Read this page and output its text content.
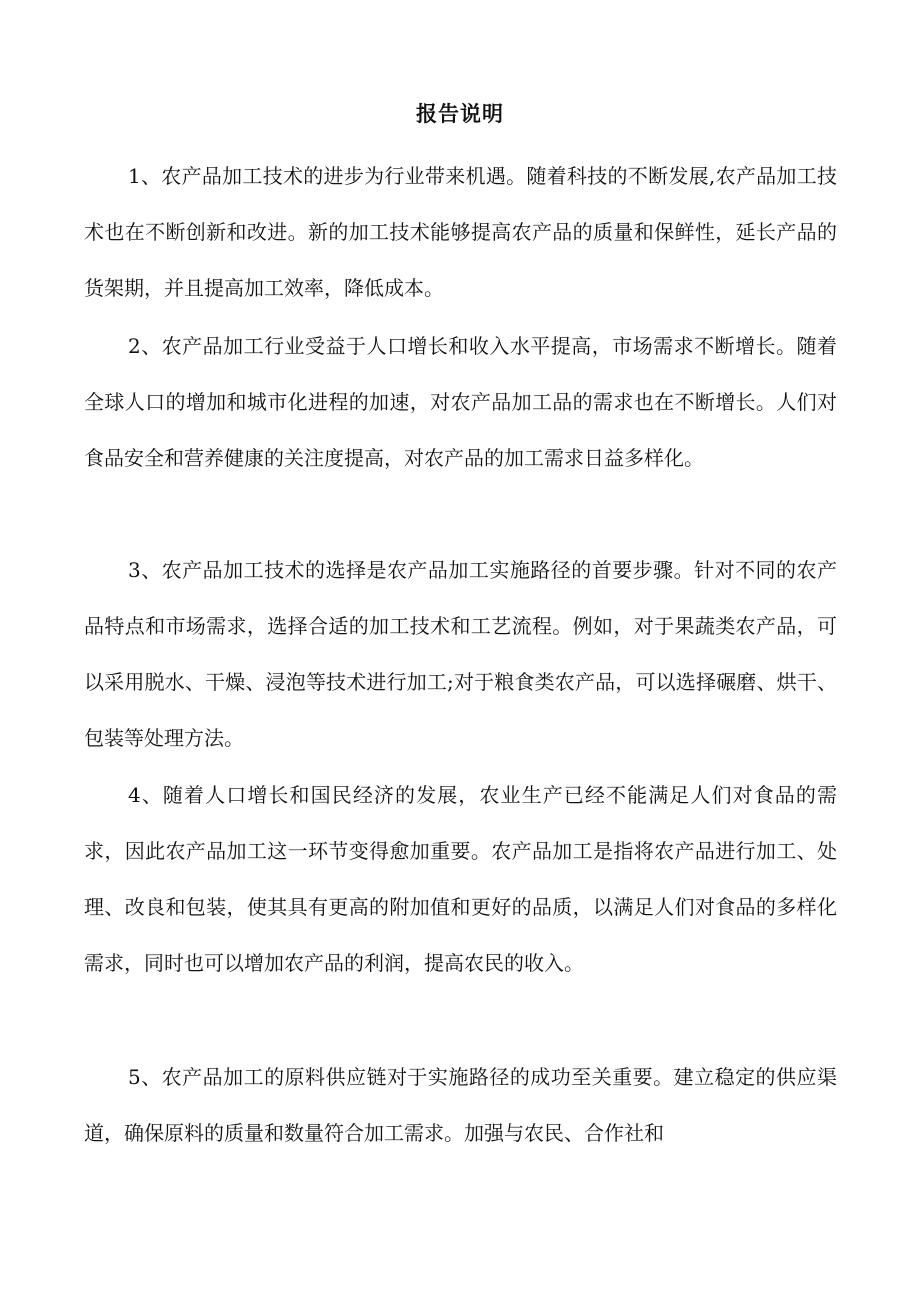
报告说明

1、农产品加工技术的进步为行业带来机遇。随着科技的不断发展,农产品加工技术也在不断创新和改进。新的加工技术能够提高农产品的质量和保鲜性，延长产品的货架期，并且提高加工效率，降低成本。

2、农产品加工行业受益于人口增长和收入水平提高，市场需求不断增长。随着全球人口的增加和城市化进程的加速，对农产品加工品的需求也在不断增长。人们对食品安全和营养健康的关注度提高，对农产品的加工需求日益多样化。

3、农产品加工技术的选择是农产品加工实施路径的首要步骤。针对不同的农产品特点和市场需求，选择合适的加工技术和工艺流程。例如，对于果蔬类农产品，可以采用脱水、干燥、浸泡等技术进行加工;对于粮食类农产品，可以选择碾磨、烘干、包装等处理方法。

4、随着人口增长和国民经济的发展，农业生产已经不能满足人们对食品的需求，因此农产品加工这一环节变得愈加重要。农产品加工是指将农产品进行加工、处理、改良和包装，使其具有更高的附加值和更好的品质，以满足人们对食品的多样化需求，同时也可以增加农产品的利润，提高农民的收入。

5、农产品加工的原料供应链对于实施路径的成功至关重要。建立稳定的供应渠道，确保原料的质量和数量符合加工需求。加强与农民、合作社和
